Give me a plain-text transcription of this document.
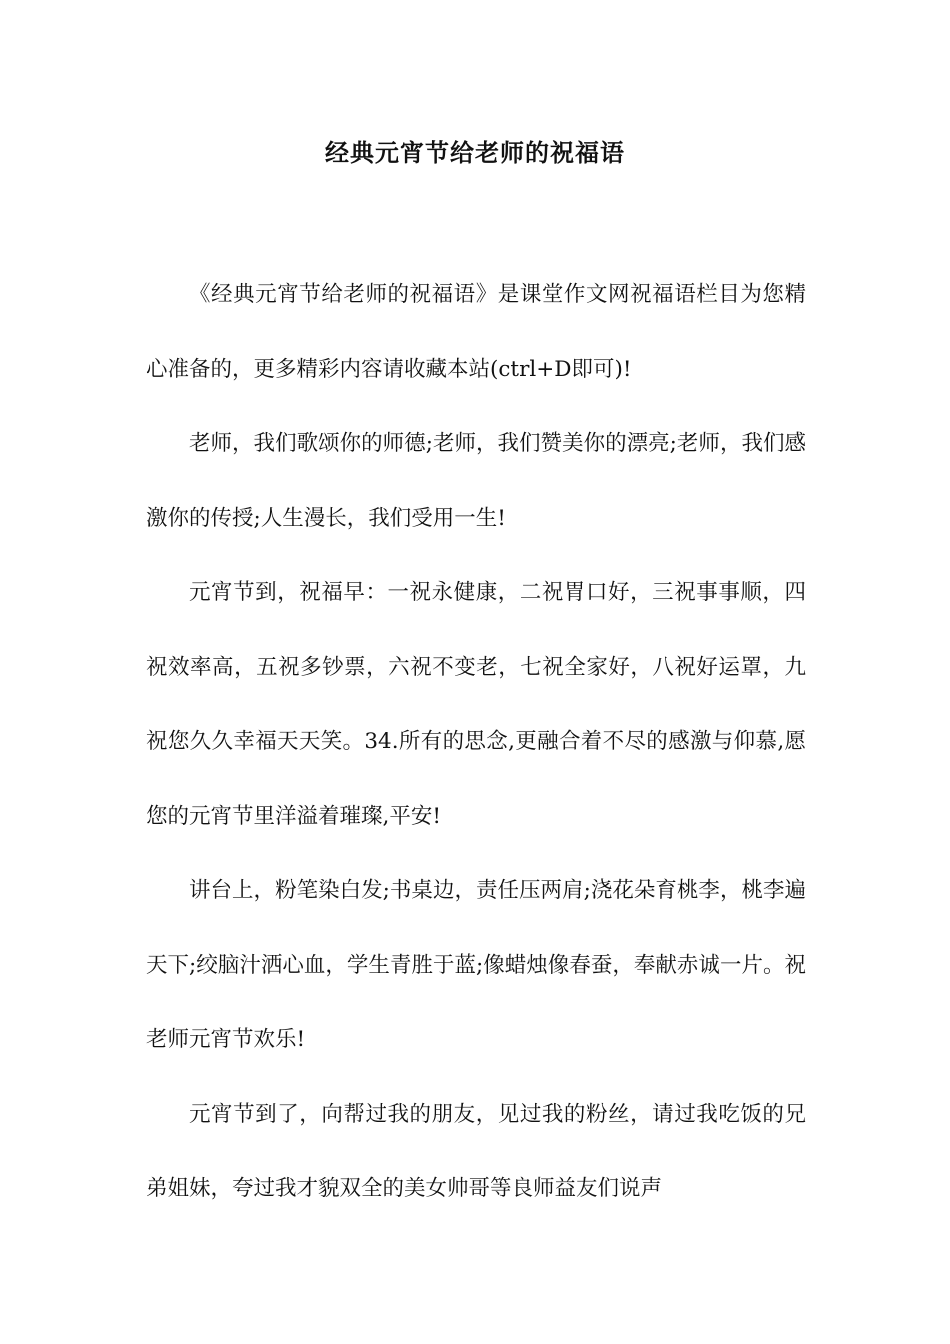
经典元宵节给老师的祝福语

《经典元宵节给老师的祝福语》是课堂作文网祝福语栏目为您精心准备的，更多精彩内容请收藏本站(ctrl+D即可)!

老师，我们歌颂你的师德;老师，我们赞美你的漂亮;老师，我们感激你的传授;人生漫长，我们受用一生!

元宵节到，祝福早：一祝永健康，二祝胃口好，三祝事事顺，四祝效率高，五祝多钞票，六祝不变老，七祝全家好，八祝好运罩，九祝您久久幸福天天笑。34.所有的思念,更融合着不尽的感激与仰慕,愿您的元宵节里洋溢着璀璨,平安!

讲台上，粉笔染白发;书桌边，责任压两肩;浇花朵育桃李，桃李遍天下;绞脑汁洒心血，学生青胜于蓝;像蜡烛像春蚕，奉献赤诚一片。祝老师元宵节欢乐!

元宵节到了，向帮过我的朋友，见过我的粉丝，请过我吃饭的兄弟姐妹，夸过我才貌双全的美女帅哥等良师益友们说声
